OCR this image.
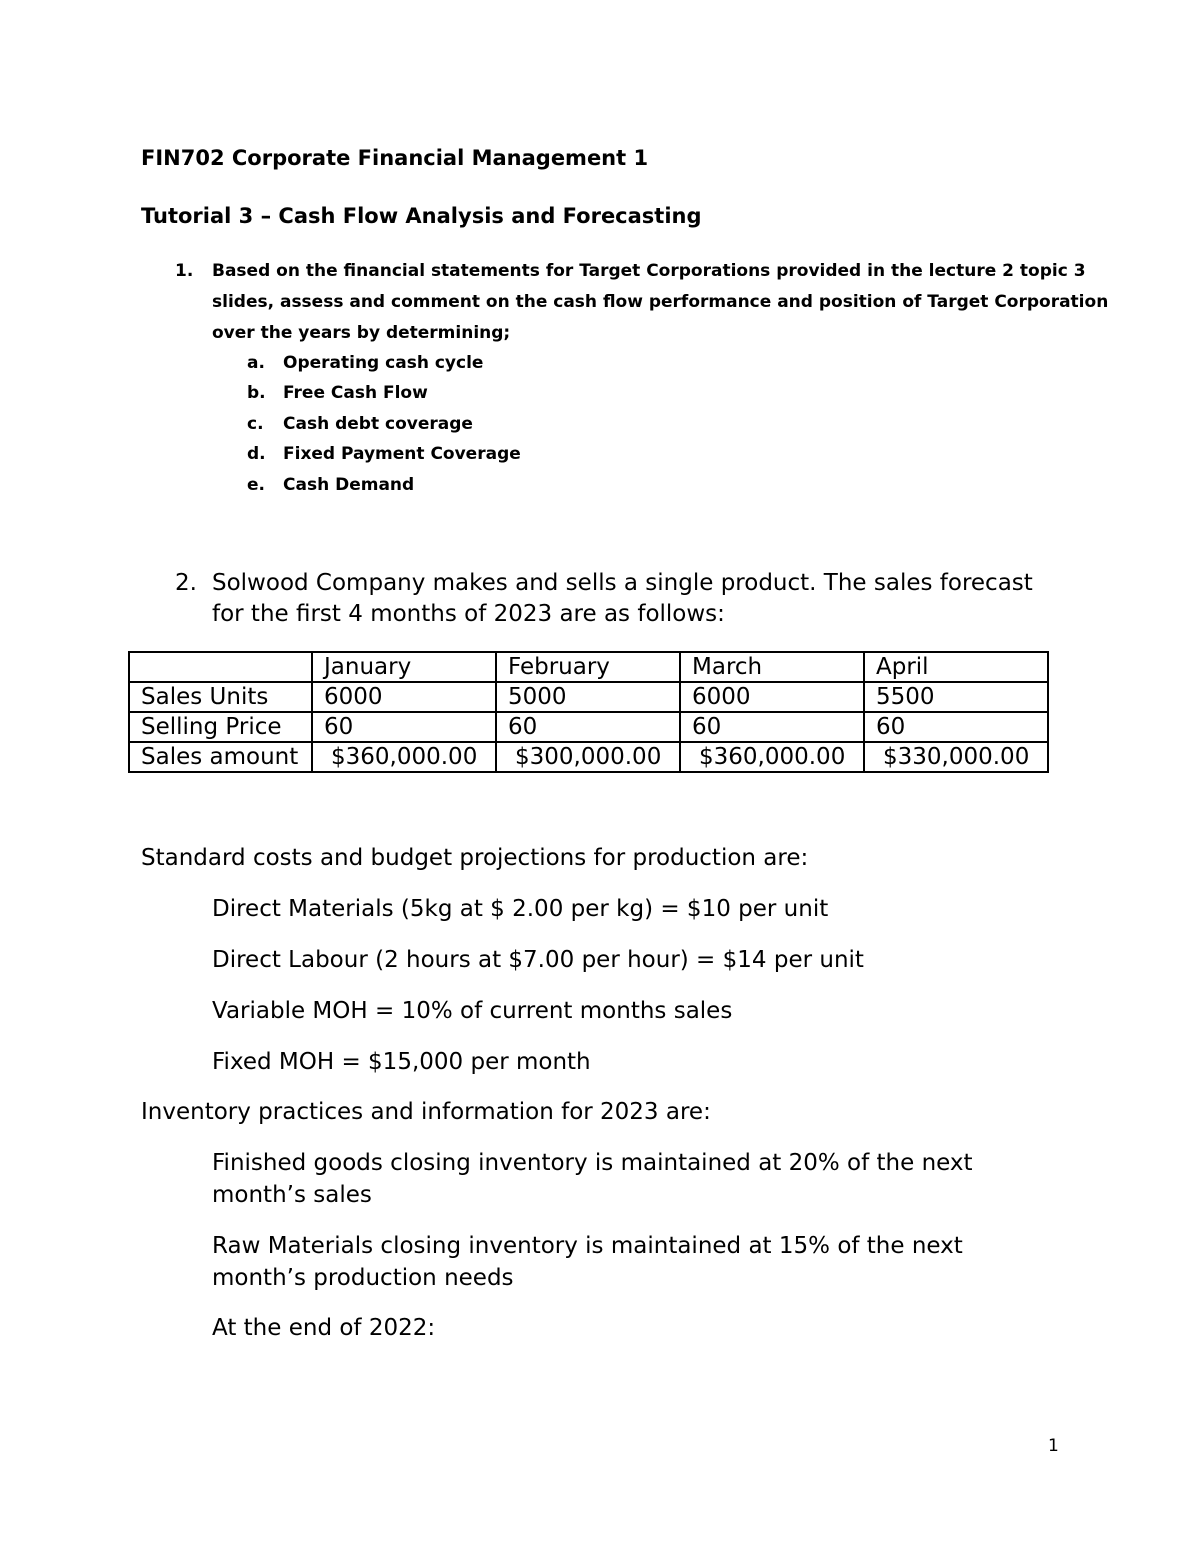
FIN702 Corporate Financial Management 1
Tutorial 3 – Cash Flow Analysis and Forecasting
1. Based on the financial statements for Target Corporations provided in the lecture 2 topic 3
slides, assess and comment on the cash flow performance and position of Target Corporation
over the years by determining;
a. Operating cash cycle
b. Free Cash Flow
c. Cash debt coverage
d. Fixed Payment Coverage
e. Cash Demand
2. Solwood Company makes and sells a single product. The sales forecast
for the first 4 months of 2023 are as follows:
	January	February	March	April
Sales Units	6000	5000	6000	5500
Selling Price	60	60	60	60
Sales amount	$360,000.00	$300,000.00	$360,000.00	$330,000.00
Standard costs and budget projections for production are:
Direct Materials (5kg at $ 2.00 per kg) = $10 per unit
Direct Labour (2 hours at $7.00 per hour) = $14 per unit
Variable MOH = 10% of current months sales
Fixed MOH = $15,000 per month
Inventory practices and information for 2023 are:
Finished goods closing inventory is maintained at 20% of the next
month’s sales
Raw Materials closing inventory is maintained at 15% of the next
month’s production needs
At the end of 2022:
1
